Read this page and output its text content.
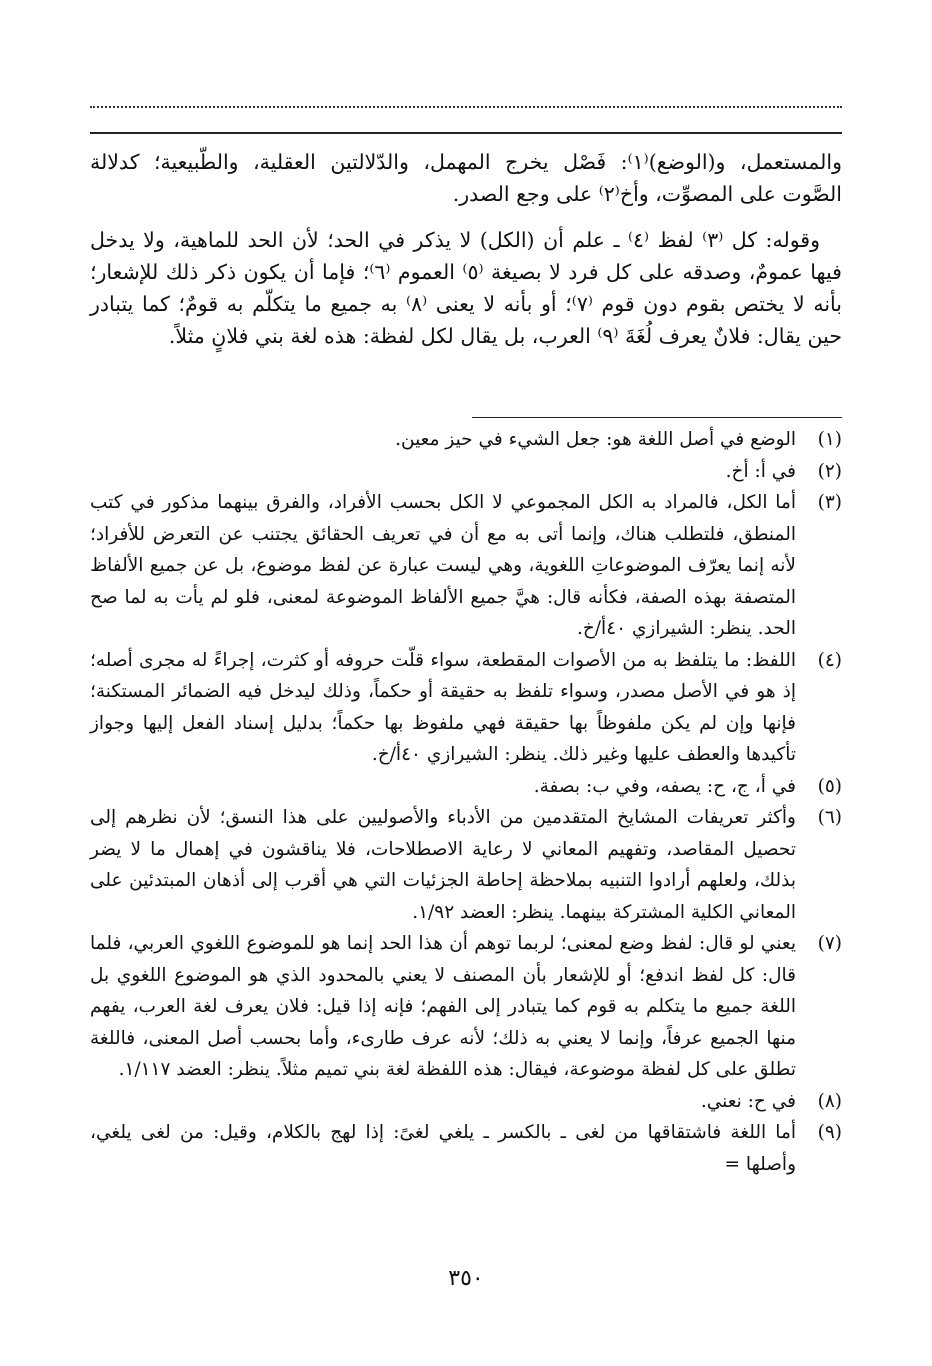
والمستعمل، و(الوضع)⁽١⁾: فَصْل يخرج المهمل، والدّلالتين العقلية، والطّبيعية؛ كدلالة الصَّوت على المصوِّت، وأخ⁽٢⁾ على وجع الصدر.

وقوله: كل ⁽٣⁾ لفظ ⁽٤⁾ ـ علم أن (الكل) لا يذكر في الحد؛ لأن الحد للماهية، ولا يدخل فيها عمومٌ، وصدقه على كل فرد لا بصيغة ⁽٥⁾ العموم ⁽٦⁾؛ فإما أن يكون ذكر ذلك للإشعار؛ بأنه لا يختص بقوم دون قوم ⁽٧⁾؛ أو بأنه لا يعنى ⁽٨⁾ به جميع ما يتكلّم به قومٌ؛ كما يتبادر حين يقال: فلانٌ يعرف لُغَةَ ⁽٩⁾ العرب، بل يقال لكل لفظة: هذه لغة بني فلانٍ مثلاً.

(١)
الوضع في أصل اللغة هو: جعل الشيء في حيز معين.
(٢)
في أ: أخ.
(٣)
أما الكل، فالمراد به الكل المجموعي لا الكل بحسب الأفراد، والفرق بينهما مذكور في كتب المنطق، فلتطلب هناك، وإنما أتى به مع أن في تعريف الحقائق يجتنب عن التعرض للأفراد؛ لأنه إنما يعرّف الموضوعاتِ اللغوية، وهي ليست عبارة عن لفظ موضوع، بل عن جميع الألفاظ المتصفة بهذه الصفة، فكأنه قال: هيَّ جميع الألفاظ الموضوعة لمعنى، فلو لم يأت به لما صح الحد. ينظر: الشيرازي ٤٠أ/خ.
(٤)
اللفظ: ما يتلفظ به من الأصوات المقطعة، سواء قلّت حروفه أو كثرت، إجراءً له مجرى أصله؛ إذ هو في الأصل مصدر، وسواء تلفظ به حقيقة أو حكماً، وذلك ليدخل فيه الضمائر المستكنة؛ فإنها وإن لم يكن ملفوظاً بها حقيقة فهي ملفوظ بها حكماً؛ بدليل إسناد الفعل إليها وجواز تأكيدها والعطف عليها وغير ذلك. ينظر: الشيرازي ٤٠أ/خ.
(٥)
في أ، ج، ح: يصفه، وفي ب: بصفة.
(٦)
وأكثر تعريفات المشايخ المتقدمين من الأدباء والأصوليين على هذا النسق؛ لأن نظرهم إلى تحصيل المقاصد، وتفهيم المعاني لا رعاية الاصطلاحات، فلا يناقشون في إهمال ما لا يضر بذلك، ولعلهم أرادوا التنبيه بملاحظة إحاطة الجزئيات التي هي أقرب إلى أذهان المبتدئين على المعاني الكلية المشتركة بينهما. ينظر: العضد ١/٩٢.
(٧)
يعني لو قال: لفظ وضع لمعنى؛ لربما توهم أن هذا الحد إنما هو للموضوع اللغوي العربي، فلما قال: كل لفظ اندفع؛ أو للإشعار بأن المصنف لا يعني بالمحدود الذي هو الموضوع اللغوي بل اللغة جميع ما يتكلم به قوم كما يتبادر إلى الفهم؛ فإنه إذا قيل: فلان يعرف لغة العرب، يفهم منها الجميع عرفاً، وإنما لا يعني به ذلك؛ لأنه عرف طارىء، وأما بحسب أصل المعنى، فاللغة تطلق على كل لفظة موضوعة، فيقال: هذه اللفظة لغة بني تميم مثلاً. ينظر: العضد ١/١١٧.
(٨)
في ح: نعني.
(٩)
أما اللغة فاشتقاقها من لغى ـ بالكسر ـ يلغي لغىً: إذا لهج بالكلام، وقيل: من لغى يلغي، وأصلها =
٣٥٠
